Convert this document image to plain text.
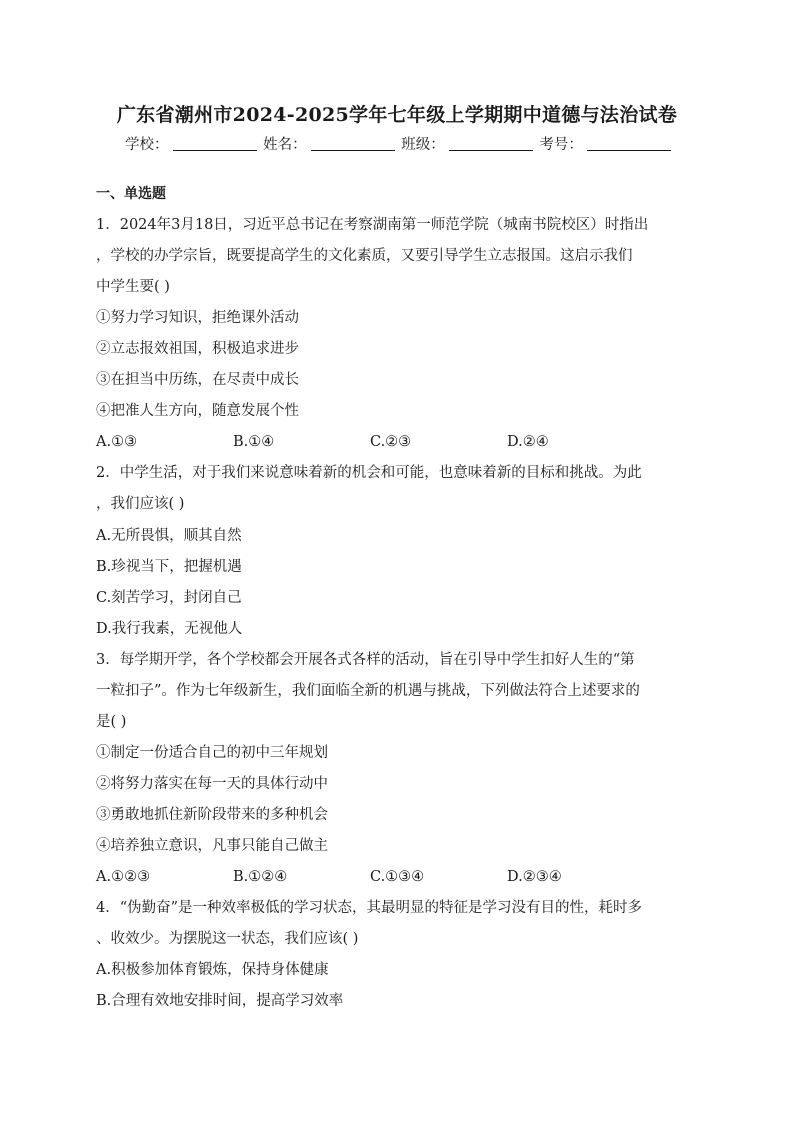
广东省潮州市2024-2025学年七年级上学期期中道德与法治试卷
学校：	姓名：	班级：	考号：
一、单选题
1．2024年3月18日，习近平总书记在考察湖南第一师范学院（城南书院校区）时指出
，学校的办学宗旨，既要提高学生的文化素质，又要引导学生立志报国。这启示我们
中学生要( )
①努力学习知识，拒绝课外活动
②立志报效祖国，积极追求进步
③在担当中历练，在尽责中成长
④把准人生方向，随意发展个性
A.①③	B.①④	C.②③	D.②④
2．中学生活，对于我们来说意味着新的机会和可能，也意味着新的目标和挑战。为此
，我们应该( )
A.无所畏惧，顺其自然
B.珍视当下，把握机遇
C.刻苦学习，封闭自己
D.我行我素，无视他人
3．每学期开学，各个学校都会开展各式各样的活动，旨在引导中学生扣好人生的“第
一粒扣子”。作为七年级新生，我们面临全新的机遇与挑战，下列做法符合上述要求的
是( )
①制定一份适合自己的初中三年规划
②将努力落实在每一天的具体行动中
③勇敢地抓住新阶段带来的多种机会
④培养独立意识，凡事只能自己做主
A.①②③	B.①②④	C.①③④	D.②③④
4．“伪勤奋”是一种效率极低的学习状态，其最明显的特征是学习没有目的性，耗时多
、收效少。为摆脱这一状态，我们应该( )
A.积极参加体育锻炼，保持身体健康
B.合理有效地安排时间，提高学习效率
